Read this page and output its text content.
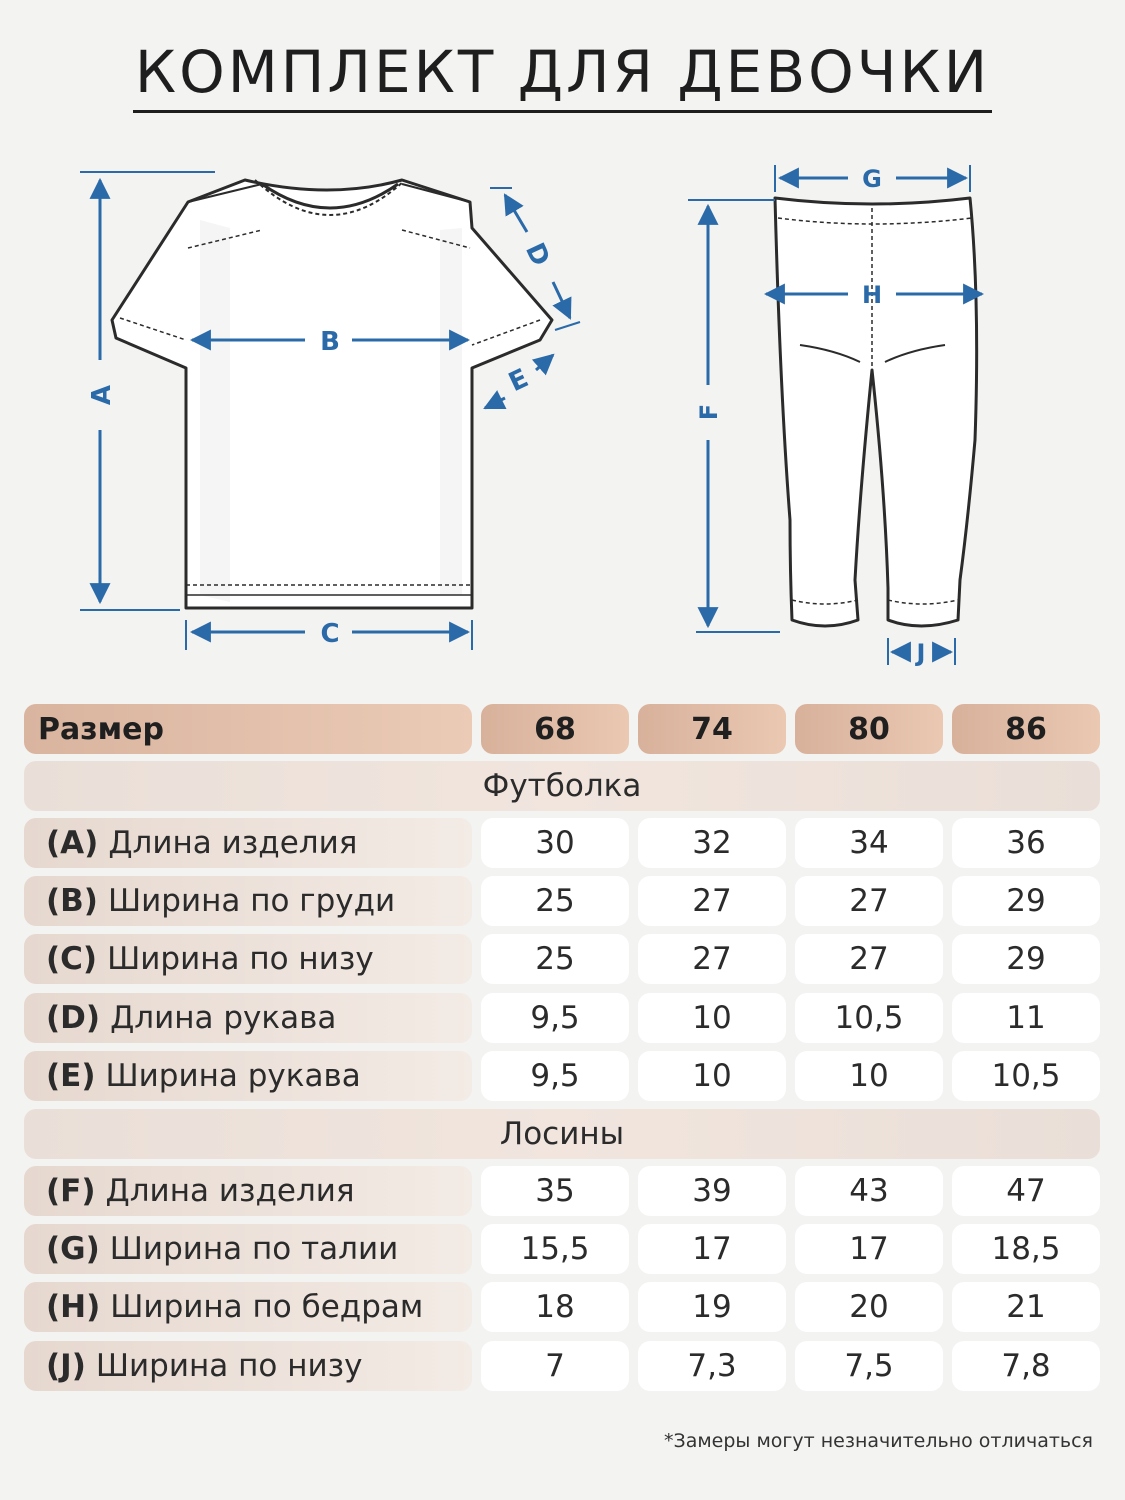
КОМПЛЕКТ ДЛЯ ДЕВОЧКИ
A
B
C
D
E
G
H
F
J
Размер	68	74	80	86
Футболка
(A) Длина изделия	30	32	34	36
(B) Ширина по груди	25	27	27	29
(C) Ширина по низу	25	27	27	29
(D) Длина рукава	9,5	10	10,5	11
(E) Ширина рукава	9,5	10	10	10,5
Лосины
(F) Длина изделия	35	39	43	47
(G) Ширина по талии	15,5	17	17	18,5
(H) Ширина по бедрам	18	19	20	21
(J) Ширина по низу	7	7,3	7,5	7,8
*Замеры могут незначительно отличаться
